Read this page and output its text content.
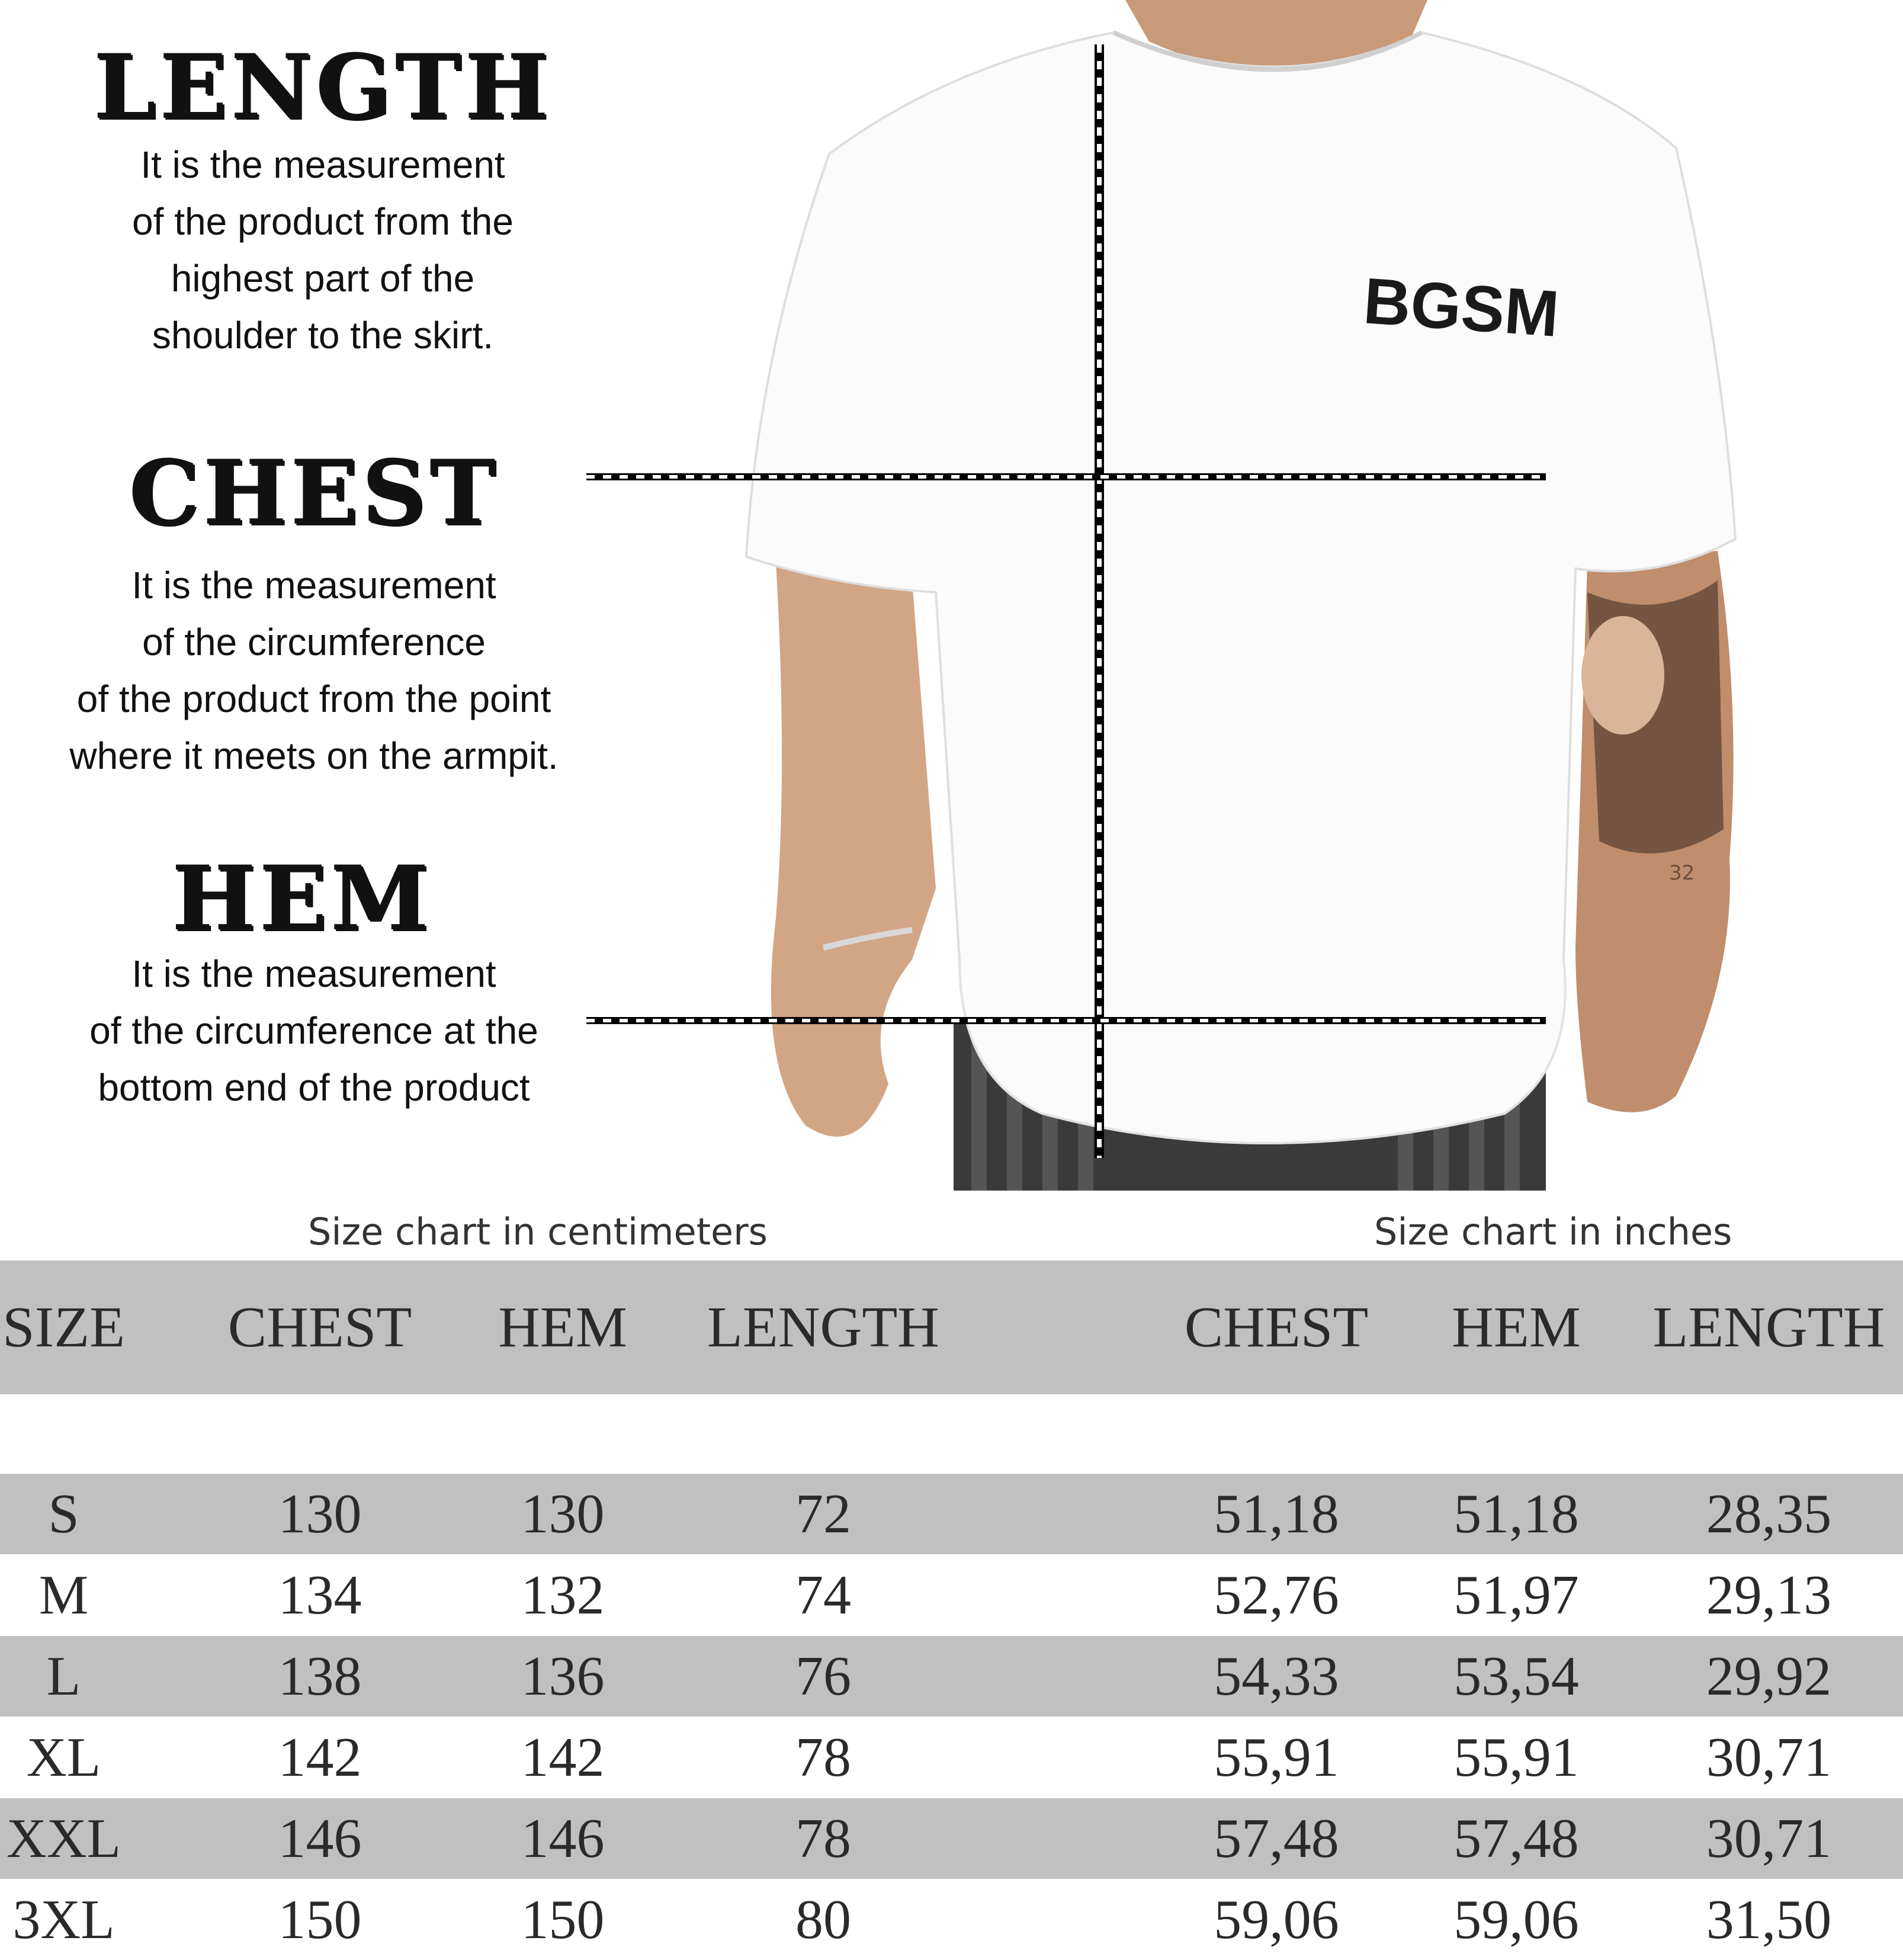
LENGTH
It is the measurement
of the product from the
highest part of the
shoulder to the skirt.
CHEST
It is the measurement
of the circumference
of the product from the point
where it meets on the armpit.
HEM
It is the measurement
of the circumference at the
bottom end of the product
32
BGSM
Size chart in centimeters	Size chart in inches
SIZE	CHEST	HEM	LENGTH	CHEST	HEM	LENGTH
S	130	130	72	51,18	51,18	28,35
M	134	132	74	52,76	51,97	29,13
L	138	136	76	54,33	53,54	29,92
XL	142	142	78	55,91	55,91	30,71
XXL	146	146	78	57,48	57,48	30,71
3XL	150	150	80	59,06	59,06	31,50
